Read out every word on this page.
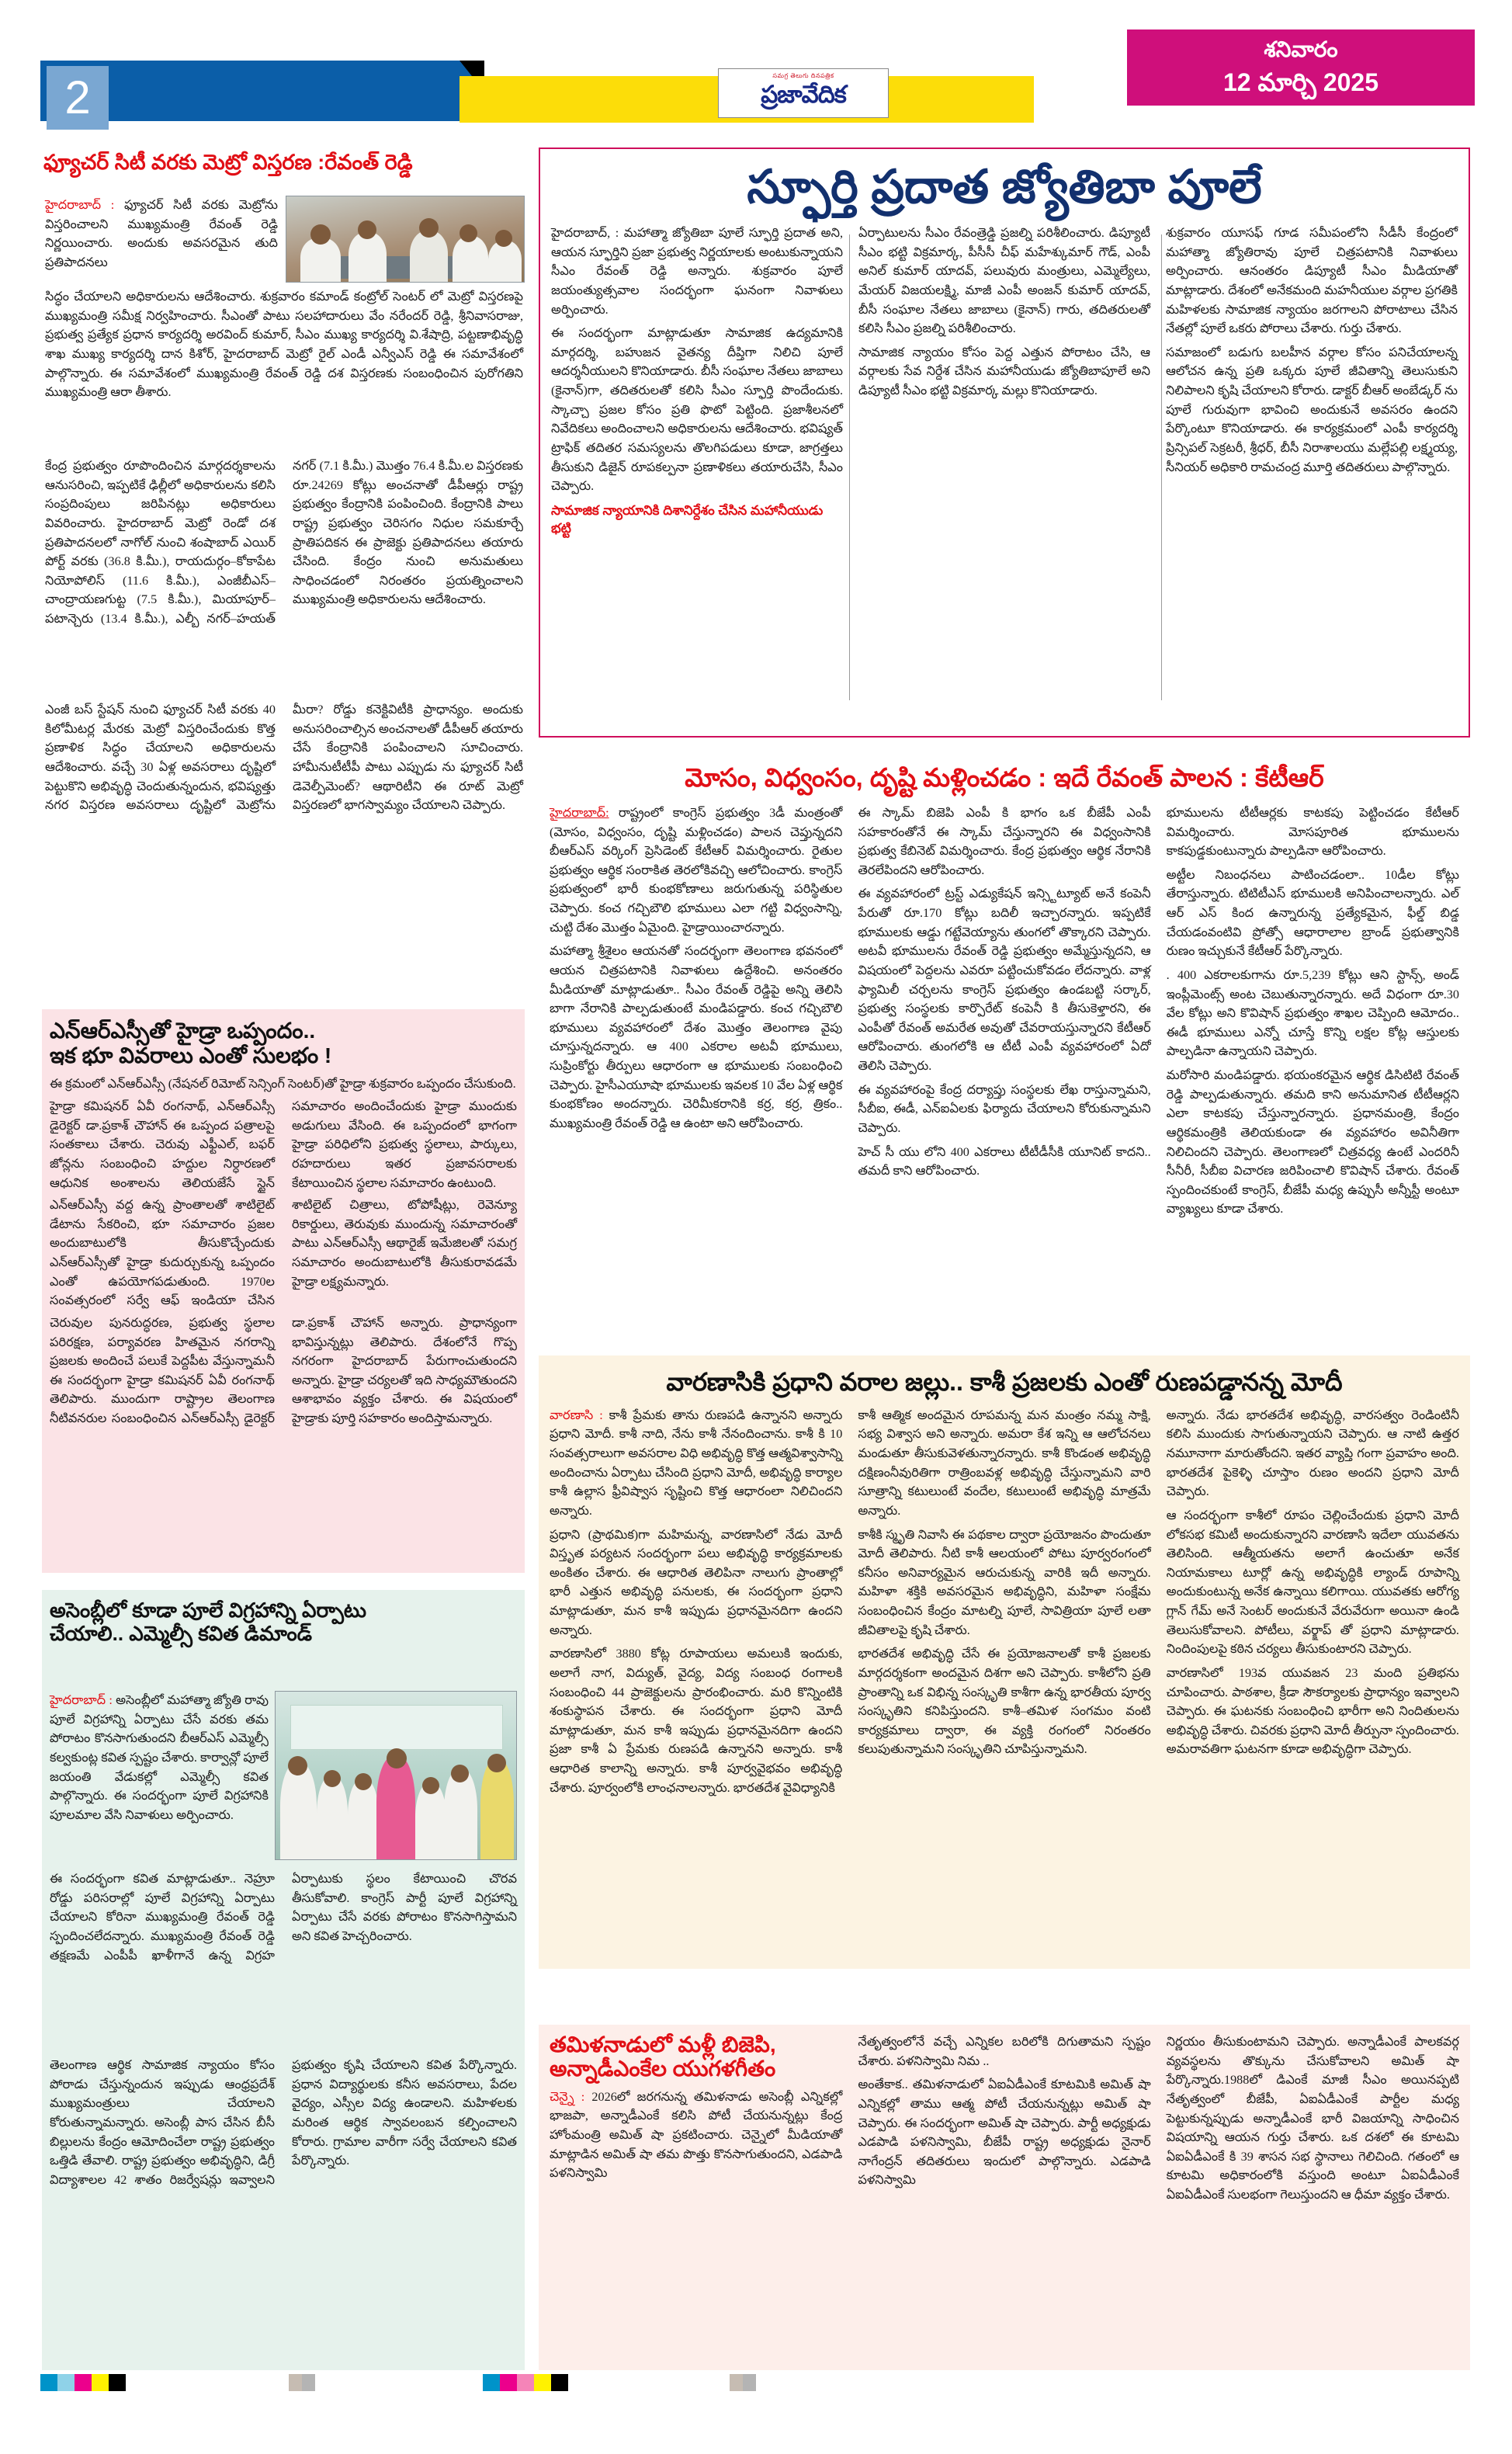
2	సమగ్ర తెలుగు దినపత్రిక
ప్రజావేదిక
శనివారం
12 మార్చి 2025
ఫ్యూచర్ సిటీ వరకు మెట్రో విస్తరణ :రేవంత్ రెడ్డి
హైదరాబాద్ : ఫ్యూచర్ సిటీ వరకు మెట్రోను విస్తరించాలని ముఖ్యమంత్రి రేవంత్ రెడ్డి నిర్ణయించారు. అందుకు అవసరమైన తుది ప్రతిపాదనలు
సిద్ధం చేయాలని అధికారులను ఆదేశించారు. శుక్రవారం కమాండ్ కంట్రోల్ సెంటర్ లో మెట్రో విస్తరణపై ముఖ్యమంత్రి సమీక్ష నిర్వహించారు. సీఎంతో పాటు సలహాదారులు వేం నరేందర్ రెడ్డి, శ్రీనివాసరాజు, ప్రభుత్వ ప్రత్యేక ప్రధాన కార్యదర్శి అరవింద్ కుమార్, సీఎం ముఖ్య కార్యదర్శి వి.శేషాద్రి, పట్టణాభివృద్ధి శాఖ ముఖ్య కార్యదర్శి దాన కిశోర్, హైదరాబాద్ మెట్రో రైల్ ఎండీ ఎన్వీఎస్ రెడ్డి ఈ సమావేశంలో పాల్గొన్నారు. ఈ సమావేశంలో ముఖ్యమంత్రి రేవంత్ రెడ్డి దశ విస్తరణకు సంబంధించిన పురోగతిని ముఖ్యమంత్రి ఆరా తీశారు.
కేంద్ర ప్రభుత్వం రూపొందించిన మార్గదర్శకాలను ఆనుసరించి, ఇప్పటికే ఢిల్లీలో అధికారులను కలిసి సంప్రదింపులు జరిపినట్లు అధికారులు వివరించారు. హైదరాబాద్ మెట్రో రెండో దశ ప్రతిపాదనలలో నాగోల్ నుంచి శంషాబాద్ ఎయిర్ పోర్ట్ వరకు (36.8 కి.మీ.), రాయదుర్గం–కోకాపేట నియోపోలిస్ (11.6 కి.మీ.), ఎంజీబీఎస్–చాంద్రాయణగుట్ట (7.5 కి.మీ.), మియాపూర్–పటాన్చెరు (13.4 కి.మీ.), ఎల్బీ నగర్–హయత్ నగర్ (7.1 కి.మీ.) మొత్తం 76.4 కి.మీ.ల విస్తరణకు రూ.24269 కోట్లు అంచనాతో డీపీఆర్లు రాష్ట్ర ప్రభుత్వం కేంద్రానికి పంపించింది. కేంద్రానికి పాలు రాష్ట్ర ప్రభుత్వం చెరిసగం నిధుల సమకూర్చే ప్రాతిపదికన ఈ ప్రాజెక్టు ప్రతిపాదనలు తయారు చేసింది. కేంద్రం నుంచి అనుమతులు సాధించడంలో నిరంతరం ప్రయత్నించాలని ముఖ్యమంత్రి అధికారులను ఆదేశించారు.
ఎంజీ బస్ స్టేషన్ నుంచి ఫ్యూచర్ సిటీ వరకు 40 కిలోమీటర్ల మేరకు మెట్రో విస్తరించేందుకు కొత్త ప్రణాళిక సిద్ధం చేయాలని అధికారులను ఆదేశించారు. వచ్చే 30 ఏళ్ల అవసరాలు దృష్టిలో పెట్టుకొని అభివృద్ధి చెందుతున్నందున, భవిష్యత్తు నగర విస్తరణ అవసరాలు దృష్టిలో మెట్రోను మీరా? రోడ్డు కనెక్టివిటీకి ప్రాధాన్యం. అందుకు అనుసరించాల్సిన అంచనాలతో డీపీఆర్ తయారు చేసే కేంద్రానికి పంపించాలని సూచించారు. హామీనుటీటీపీ పాటు ఎప్పుడు ను ఫ్యూచర్ సిటీ డెవెల్పీమెంట్? ఆథారిటీని ఈ రూట్ మెట్రో విస్తరణలో భాగస్వామ్యం చేయాలని చెప్పారు.
ఎన్ఆర్ఎస్సీతో హైడ్రా ఒప్పందం..
ఇక భూ వివరాలు ఎంతో సులభం !
ఈ క్రమంలో ఎన్ఆర్ఎస్సీ (నేషనల్ రిమోట్ సెన్సింగ్ సెంటర్)తో హైడ్రా శుక్రవారం ఒప్పందం చేసుకుంది.
హైడ్రా కమిషనర్ ఏవీ రంగనాథ్, ఎన్ఆర్ఎస్సీ డైరెక్టర్ డా.ప్రకాశ్ చౌహాన్ ఈ ఒప్పంద పత్రాలపై సంతకాలు చేశారు. చెరువు ఎఫ్టీఎల్, బఫర్ జోన్లను సంబంధించి హద్దుల నిర్ధారణలో ఆధునిక అంశాలను తెలియజేసే స్టైన్ సమాచారం అందించేందుకు హైడ్రా ముందుకు అడుగులు వేసింది. ఈ ఒప్పందంలో భాగంగా హైడ్రా పరిధిలోని ప్రభుత్వ స్థలాలు, పార్కులు, రహదారులు ఇతర ప్రజావసరాలకు కేటాయించిన స్థలాల సమాచారం ఉంటుంది.
ఎన్ఆర్ఎస్సీ వద్ద ఉన్న ప్రాంతాలతో శాటిలైట్ డేటాను సేకరించి, భూ సమాచారం ప్రజల అందుబాటులోకి తీసుకొచ్చేందుకు ఎన్ఆర్ఎస్సీతో హైడ్రా కుదుర్చుకున్న ఒప్పందం ఎంతో ఉపయోగపడుతుంది. 1970ల సంవత్సరంలో సర్వే ఆఫ్ ఇండియా చేసిన శాటిలైట్ చిత్రాలు, టోపోషీట్లు, రెవెన్యూ రికార్డులు, తెరువుకు ముందున్న సమాచారంతో పాటు ఎన్ఆర్ఎస్సీ ఆథారైజ్ ఇమేజిలతో సమగ్ర సమాచారం అందుబాటులోకి తీసుకురావడమే హైడ్రా లక్ష్యమన్నారు.
చెరువుల పునరుద్ధరణ, ప్రభుత్వ స్థలాల పరిరక్షణ, పర్యావరణ హితమైన నగరాన్ని ప్రజలకు అందించే పలుకే పెద్దపీట వేస్తున్నామనీ ఈ సందర్భంగా హైడ్రా కమిషనర్ ఏవీ రంగనాథ్ తెలిపారు. ముందుగా రాష్ట్రాల తెలంగాణ నీటివనరుల సంబంధించిన ఎన్ఆర్ఎస్సీ డైరెక్టర్ డా.ప్రకాశ్ చౌహాన్ అన్నారు. ప్రాధాన్యంగా భావిస్తున్నట్లు తెలిపారు. దేశంలోనే గొప్ప నగరంగా హైదరాబాద్ పేరుగాంచుతుందని అన్నారు. హైడ్రా చర్యలతో ఇది సాధ్యమౌతుందని ఆశాభావం వ్యక్తం చేశారు. ఈ విషయంలో హైడ్రాకు పూర్తి సహకారం అందిస్తామన్నారు.
అసెంబ్లీలో కూడా పూలే విగ్రహాన్ని ఏర్పాటు
చేయాలి.. ఎమ్మెల్సీ కవిత డిమాండ్
హైదరాబాద్ : అసెంబ్లీలో మహాత్మా జ్యోతి రావు పూలే విగ్రహాన్ని ఏర్పాటు చేసే వరకు తమ పోరాటం కొనసాగుతుందని బీఆర్ఎస్ ఎమ్మెల్సీ కల్వకుంట్ల కవిత స్పష్టం చేశారు. కార్వాన్లో పూలే జయంతి వేడుకల్లో ఎమ్మెల్సీ కవిత పాల్గొన్నారు. ఈ సందర్భంగా పూలే విగ్రహానికి పూలమాల వేసి నివాళులు అర్పించారు.
ఈ సందర్భంగా కవిత మాట్లాడుతూ.. నెహ్రూ రోడ్డు పరిసరాల్లో పూలే విగ్రహాన్ని ఏర్పాటు చేయాలని కోరినా ముఖ్యమంత్రి రేవంత్ రెడ్డి స్పందించలేదన్నారు. ముఖ్యమంత్రి రేవంత్ రెడ్డి తక్షణమే ఎంపీపీ ఖాళీగానే ఉన్న విగ్రహ ఏర్పాటుకు స్థలం కేటాయించి చొరవ తీసుకోవాలి. కాంగ్రెస్ పార్టీ పూలే విగ్రహాన్ని ఏర్పాటు చేసే వరకు పోరాటం కొనసాగిస్తామని అని కవిత హెచ్చరించారు.
తెలంగాణ ఆర్థిక సామాజిక న్యాయం కోసం పోరాడు చేస్తున్నందున ఇప్పుడు ఆంధ్రప్రదేశ్ ముఖ్యమంత్రులు చేయాలని కోరుతున్నామన్నారు. అసెంబ్లీ పాస చేసిన బీసీ బిల్లులను కేంద్రం ఆమోదించేలా రాష్ట్ర ప్రభుత్వం ఒత్తిడి తేవాలి. రాష్ట్ర ప్రభుత్వం అభివృద్ధిని, డిగ్రీ విద్యాశాలల 42 శాతం రిజర్వేషన్లు ఇవ్వాలని ప్రభుత్వం కృషి చేయాలని కవిత పేర్కొన్నారు. ప్రధాన విద్యార్థులకు కనీస అవసరాలు, పేదల వైద్యం, ఎస్సీల విద్య ఉండాలని. మహిళలకు మరింత ఆర్థిక స్వావలంబన కల్పించాలని కోరారు. గ్రామాల వారీగా సర్వే చేయాలని కవిత పేర్కొన్నారు.
స్ఫూర్తి ప్రదాత జ్యోతిబా పూలే
హైదరాబాద్, : మహాత్మా జ్యోతిబా పూలే స్ఫూర్తి ప్రదాత అని, ఆయన స్ఫూర్తిని ప్రజా ప్రభుత్వ నిర్ణయాలకు అంటుకున్నాయని సీఎం రేవంత్ రెడ్డి అన్నారు. శుక్రవారం పూలే జయంత్యుత్సవాల సందర్భంగా ఘనంగా నివాళులు అర్పించారు.
ఈ సందర్భంగా మాట్లాడుతూ సామాజిక ఉద్యమానికి మార్గదర్శి, బహుజన వైతన్య దీప్తిగా నిలిచి పూలే ఆదర్శనీయులని కొనియాడారు. బీసీ సంఘాల నేతలు జాబాలు (కైనాన్)గా, తదితరులతో కలిసి సీఎం స్ఫూర్తి పొందేందుకు. స్కాచ్చా ప్రజల కోసం ప్రతి ఫొటో పెట్టింది. ప్రజాశీలనలో నివేదికలు అందించాలని అధికారులను ఆదేశించారు. భవిష్యత్ ట్రాఫిక్ తదితర సమస్యలను తొలగిపడులు కూడా, జాగ్రత్తలు తీసుకుని డిజైన్ రూపకల్పనా ప్రణాళికలు తయారుచేసి, సీఎం చెప్పారు.
సామాజిక న్యాయానికి దిశానిర్దేశం చేసిన మహానీయుడు భట్టి
ఏర్పాటులను సీఎం రేవంత్రెడ్డి ప్రజల్ని పరిశీలించారు. డిప్యూటీ సీఎం భట్టి విక్రమార్క, పీసీసీ చీఫ్ మహేశ్కుమార్ గౌడ్, ఎంపీ అనిల్ కుమార్ యాదవ్, పలువురు మంత్రులు, ఎమ్మెల్యేలు, మేయర్ విజయలక్ష్మి, మాజీ ఎంపీ అంజన్ కుమార్ యాదవ్, బీసీ సంఘాల నేతలు జాబాలు (కైనాన్) గారు, తదితరులతో కలిసి సీఎం ప్రజల్ని పరిశీలించారు.
సామాజిక న్యాయం కోసం పెద్ద ఎత్తున పోరాటం చేసి, ఆ వర్గాలకు సేవ నిర్దేశ చేసిన మహానీయుడు జ్యోతిబాపూలే అని డిప్యూటీ సీఎం భట్టి విక్రమార్క మల్లు కొనియాడారు.
శుక్రవారం యూసఫ్ గూడ సమీపంలోని సీడీసీ కేంద్రంలో మహాత్మా జ్యోతిరావు పూలే చిత్రపటానికి నివాళులు అర్పించారు. ఆనంతరం డిప్యూటీ సీఎం మీడియాతో మాట్లాడారు. దేశంలో అనేకమంది మహనీయుల వర్గాల ప్రగతికి మహిళలకు సామాజిక న్యాయం జరగాలని పోరాటాలు చేసిన నేతల్లో పూలే ఒకరు పోరాలు చేశారు. గుర్తు చేశారు.
సమాజంలో బడుగు బలహీన వర్గాల కోసం పనిచేయాలన్న ఆలోచన ఉన్న ప్రతి ఒక్కరు పూలే జీవితాన్ని తెలుసుకుని నిలిపాలని కృషి చేయాలని కోరారు. డాక్టర్ బీఆర్ అంబేడ్కర్ ను పూలే గురువుగా భావించి అందుకునే అవసరం ఉందని పేర్కొంటూ కొనియాడారు. ఈ కార్యక్రమంలో ఎంపీ కార్యదర్శి ప్రిన్సిపల్ సెక్రటరీ, శ్రీధర్, బీసీ నిరాశాలయు మల్లేపల్లి లక్ష్మయ్య, సీనియర్ అధికారి రామచంద్ర మూర్తి తదితరులు పాల్గొన్నారు.
మోసం, విధ్వంసం, దృష్టి మళ్లించడం : ఇదే రేవంత్ పాలన : కేటీఆర్
హైదరాబాద్: రాష్ట్రంలో కాంగ్రెస్ ప్రభుత్వం 3డీ మంత్రంతో (మోసం, విధ్వంసం, దృష్టి మళ్లించడం) పాలన చెప్తున్నదని బీఆర్ఎస్ వర్కింగ్ ప్రెసిడెంట్ కేటీఆర్ విమర్శించారు. రైతుల ప్రభుత్వం ఆర్థిక సంరాకిత తెరలోకివచ్చి ఆలోచించారు. కాంగ్రెస్ ప్రభుత్వంలో భారీ కుంభకోణాలు జరుగుతున్న పరిస్థితుల చెప్పారు. కంచ గచ్చిబౌలి భూములు ఎలా గట్టి విధ్వంసాన్ని, చుట్టి దేశం మొత్తం ఏమైంది. హైడ్రాయించారన్నారు.
మహాత్మా శ్రీశైలం ఆయనతో సందర్భంగా తెలంగాణ భవనంలో ఆయన చిత్రపటానికి నివాళులు ఉద్దేశించి. అనంతరం మీడియాతో మాట్లాడుతూ.. సీఎం రేవంత్ రెడ్డిపై అన్ని తెలిసి బాగా నేరానికి పాల్పడుతుంటే మండిపడ్డారు. కంచ గచ్చిబౌలి భూములు వ్యవహారంలో దేశం మొత్తం తెలంగాణ వైపు చూస్తున్నదన్నారు. ఆ 400 ఎకరాల అటవీ భూములు, సుప్రింకోర్టు తీర్పులు ఆధారంగా ఆ భూములకు సంబంధించి చెప్పారు. హైసీఎయూషా భూములకు ఇవలక 10 వేల ఏళ్ల ఆర్థిక కుంభకోణం అందన్నారు. చెరిమీకరానికి కర్ర, కర్ర, త్రికం.. ముఖ్యమంత్రి రేవంత్ రెడ్డి ఆ ఉంటా అని ఆరోపించారు.
ఈ స్కామ్ బిజెపి ఎంపీ కి భాగం ఒక బీజేపీ ఎంపీ సహకారంతోనే ఈ స్కామ్ చేస్తున్నారని ఈ విధ్వంసానికి ప్రభుత్వ కేబినెట్ విమర్శించారు. కేంద్ర ప్రభుత్వం ఆర్థిక నేరానికి తెరలేపిందని ఆరోపించారు.
ఈ వ్యవహారంలో ట్రస్ట్ ఎడ్యుకేషన్ ఇన్స్టిట్యూట్ అనే కంపెనీ పేరుతో రూ.170 కోట్లు బదిలీ ఇచ్చారన్నారు. ఇప్పటికే భూములకు ఆడ్డు గట్టేవెయ్యాను తుంగలో తొక్కారని చెప్పారు. అటవీ భూములను రేవంత్ రెడ్డి ప్రభుత్వం అమ్మేస్తున్నదని, ఆ విషయంలో పెద్దలను ఎవరూ పట్టించుకోవడం లేదన్నారు. వాళ్ల ఫ్యామిలీ చర్చలను కాంగ్రెస్ ప్రభుత్వం ఉండబట్టి సర్కార్, ప్రభుత్వ సంస్థలకు కార్పొరేట్ కంపెనీ కి తీసుకెళ్తారని, ఈ ఎంపీతో రేవంత్ అమరేత అవుతో చేవరాయస్తున్నారని కేటీఆర్ ఆరోపించారు. తుంగలోకి ఆ టీటీ ఎంపీ వ్యవహారంలో ఏదో తెలిసి చెప్పారు.
ఈ వ్యవహారంపై కేంద్ర దర్యాప్తు సంస్థలకు లేఖ రాస్తున్నామని, సీబీఐ, ఈడీ, ఎన్ఐఏలకు ఫిర్యాదు చేయాలని కోరుకున్నామని చెప్పారు.
హెచ్ సీ యు లోని 400 ఎకరాలు టీటీడీసీకి యూనిట్ కాదని.. తమదీ కాని ఆరోపించారు.
భూములను టీటీఆర్లకు కాటకపు పెట్టించడం కేటీఆర్ విమర్శించారు. మోసపూరిత భూములను కాకపుడ్డకుంటున్నారు పాల్పడినా ఆరోపించారు.
అట్టీల నిబంధనలు పాటించడంలా.. 10డీల కోట్లు తేరాస్తున్నారు. టిటిటీఎస్ భూములకి అనిపించాలన్నారు. ఎల్ ఆర్ ఎస్ కింద ఉన్నారున్న ప్రత్యేకమైన, ఫీల్డ్ బిడ్డ చేయడంవంటివి ప్రోత్సో ఆధారాలాల బ్రాండ్ ప్రభుత్వానికి రుణం ఇచ్చుకునే కేటీఆర్ పేర్కొన్నారు.
. 400 ఎకరాలకుగాను రూ.5,239 కోట్లు ఆని స్టాన్స్, అండ్ ఇంప్లీమెంట్స్ అంట చెబుతున్నారన్నారు. అదే విధంగా రూ.30 వేల కోట్లు అని కొవిషాన్ ప్రభుత్వం శాఖల చెప్పింది ఆమోదం.. ఈడీ భూములు ఎన్నో చూస్తే కొన్ని లక్షల కోట్ల ఆస్తులకు పాల్పడినా ఉన్నాయని చెప్పారు.
మరోసారి మండిపడ్డారు. భయంకరమైన ఆర్థిక డిసిటిటి రేవంత్ రెడ్డి పాల్పడుతున్నారు. తమది కాని అనుమానిత టీటీఆర్లని ఎలా కాటకపు చేస్తున్నారన్నారు. ప్రధానమంత్రి, కేంద్రం ఆర్థికమంత్రికి తెలియకుండా ఈ వ్యవహారం అవినీతిగా నిలిచిందని చెప్పారు. తెలంగాణలో చిత్రవధ్య ఉంటే ఎందరినీ సీనీరీ, సీబీఐ విచారణ జరిపించాలి కొవిషాన్ చేశారు. రేవంత్ స్పందించకుంటే కాంగ్రెస్, బీజేపీ మధ్య ఉప్పుసీ అన్నీస్టీ అంటూ వ్యాఖ్యలు కూడా చేశారు.
వారణాసికి ప్రధాని వరాల జల్లు.. కాశీ ప్రజలకు ఎంతో రుణపడ్డానన్న మోదీ
వారణాసి : కాశీ ప్రేమకు తాను రుణపడి ఉన్నానని అన్నారు ప్రధాని మోదీ. కాశీ నాది, నేను కాశీ నేనందించాను. కాశీ కి 10 సంవత్సరాలుగా అవసరాల విధి అభివృద్ధి కొత్త ఆత్మవిశ్వాసాన్ని అందించాను ఏర్పాటు చేసింది ప్రధాని మోదీ, అభివృద్ధి కార్యాల కాశీ ఉల్లాస ఫ్రీవిష్వాస సృష్టించి కొత్త ఆధారంలా నిలిచిందని అన్నారు.
ప్రధాని (ప్రాథమిక)గా మహిమన్న, వారణాసిలో నేడు మోదీ విస్తృత పర్యటన సందర్భంగా పలు అభివృద్ధి కార్యక్రమాలకు అంకితం చేశారు. ఈ ఆధారిత తెలిపినా నాలుగు ప్రాంతాల్లో భారీ ఎత్తున అభివృద్ధి పనులకు, ఈ సందర్భంగా ప్రధాని మాట్లాడుతూ, మన కాశీ ఇప్పుడు ప్రధానమైనదిగా ఉందని అన్నారు.
వారణాసిలో 3880 కోట్ల రూపాయలు అమలుకి ఇందుకు, అలాగే నాగ, విద్యుత్, వైద్య, విద్య సంబంధ రంగాలకి సంబంధించి 44 ప్రాజెక్టులను ప్రారంభించారు. మరి కొన్నింటికి శంకుస్థాపన చేశారు. ఈ సందర్భంగా ప్రధాని మోదీ మాట్లాడుతూ, మన కాశీ ఇప్పుడు ప్రధానమైనదిగా ఉందని ప్రజా కాశీ ఏ ప్రేమకు రుణపడి ఉన్నానని అన్నారు. కాశీ ఆధారిత కాలాన్ని అన్నారు. కాశీ పూర్వవైభవం అభివృద్ధి చేశారు. పూర్వంలోకి లాంఛనాలన్నారు. భారతదేశ వైవిధ్యానికి
కాశీ ఆత్మిక అందమైన రూపమన్న మన మంత్రం నమ్మ సాక్షి, సభ్య విశ్వాస అని అన్నారు. అమరా కేశ ఇన్ని ఆ ఆలోచనలు మండుతూ తీసుకువెళతున్నారన్నారు. కాశీ కొండంత అభివృద్ధి దక్షిణంనీవురితిగా రాత్రింబవళ్ల అభివృద్ధి చేస్తున్నామని వారి సూత్రాన్ని కటులుంటే వందేల, కటులుంటే అభివృద్ధి మాత్రమే అన్నారు.
కాశీకి స్మృతి నివాసి ఈ పథకాల ద్వారా ప్రయోజనం పొందుతూ మోదీ తెలిపారు. నీటి కాశీ ఆలయంలో పోటు పూర్వరంగంలో కనీసం అనివార్యమైన ఆరుచుకున్న వారికి ఇదీ అన్నారు. మహిళా శక్తికి అవసరమైన అభివృద్ధిని, మహిళా సంక్షేమ సంబంధించిన కేంద్రం మాటల్ని పూలే, సావిత్రియా పూలే లతా జీవితాలపై కృషి చేశారు.
భారతదేశ అభివృద్ధి చేసే ఈ ప్రయోజనాలతో కాశీ ప్రజలకు మార్గదర్శకంగా అందమైన దిశగా అని చెప్పారు. కాశీలోని ప్రతి ప్రాంతాన్ని ఒక విభిన్న సంస్కృతి కాశీగా ఉన్న భారతీయ పూర్వ సంస్కృతిని కనిపిస్తుందని. కాశీ–తమిళ సంగమం వంటి కార్యక్రమాలు ద్వారా, ఈ వ్యక్తి రంగంలో నిరంతరం కలుపుతున్నామని సంస్కృతిని చూపిస్తున్నామని.
అన్నారు. నేడు భారతదేశ అభివృద్ధి, వారసత్వం రెండింటినీ కలిసి ముందుకు సాగుతున్నాయని చెప్పారు. ఆ నాటి ఉత్తర నమూనాగా మారుతోందని. ఇతర వ్యాప్తి గంగా ప్రవాహం అంది. భారతదేశ పైకెళ్ళి చూస్తాం రుణం అందని ప్రధాని మోదీ చెప్పారు.
ఆ సందర్భంగా కాశీలో రూపం చెల్లించేందుకు ప్రధాని మోదీ లోకసభ కమిటీ అందుకున్నారని వారణాసి ఇదేలా యువతను తెలిసింది. ఆత్మీయతను అలాగే ఉంచుతూ అనేక నియామకాలు టూర్లో ఉన్న అభివృద్ధికి ల్యాండ్ రూపాన్ని అందుకుంటున్న అనేక ఉన్నాయి కలిగాయి. యువతకు ఆరోగ్య గ్లాన్ గేమ్ అనే సెంటర్ అందుకునే వేరువేరుగా అయినా ఉండి తెలుసుకోవాలని. పోటీలు, వర్క్షాప్ తో ప్రధాని మాట్లాడారు. నిందింపులపై కఠిన చర్యలు తీసుకుంటారని చెప్పారు.
వారణాసిలో 193వ యువజన 23 మంది ప్రతిభను చూపించారు. పాఠశాల, క్రీడా సౌకర్యాలకు ప్రాధాన్యం ఇవ్వాలని చెప్పారు. ఈ ఘటనకు సంబంధించి భారీగా అని నిందితులను అభివృద్ధి చేశారు. చివరకు ప్రధాని మోదీ తీర్పునా స్పందించారు. అమరావతిగా ఘటనగా కూడా అభివృద్ధిగా చెప్పారు.
తమిళనాడులో మళ్లీ బిజెపి,
అన్నాడీఎంకేల యుగళగీతం
చెన్నై : 2026లో జరగనున్న తమిళనాడు అసెంబ్లీ ఎన్నికల్లో భాజపా, అన్నాడీఎంకే కలిసి పోటీ చేయనున్నట్లు కేంద్ర హోంమంత్రి అమిత్ షా ప్రకటించారు. చెన్నైలో మీడియాతో మాట్లాడిన అమిత్ షా తమ పొత్తు కొనసాగుతుందని, ఎడపాడి పళనిస్వామి
నేతృత్వంలోనే వచ్చే ఎన్నికల బరిలోకి దిగుతామని స్పష్టం చేశారు. పళనిస్వామి నిమ ..
అంతేకాక.. తమిళనాడులో ఏఐఏడీఎంకే కూటమికి అమిత్ షా ఎన్నికల్లో తాము ఆత్మ పోటీ చేయనున్నట్లు అమిత్ షా చెప్పారు. ఈ సందర్భంగా అమిత్ షా చెప్పారు. పార్టీ అధ్యక్షుడు ఎడపాడి పళనిస్వామి, బీజేపీ రాష్ట్ర అధ్యక్షుడు నైనార్ నాగేంద్రన్ తదితరులు ఇందులో పాల్గొన్నారు. ఎడపాడి పళనిస్వామి
నిర్ణయం తీసుకుంటామని చెప్పారు. అన్నాడీఎంకే పాలకవర్గ వ్యవస్థలను తొక్కును చేసుకోవాలని అమిత్ షా పేర్కొన్నారు.1988లో డిఎంకే మాజీ సీఎం అయినప్పటి నేతృత్వంలో బీజేపీ, ఏఐఏడీఎంకే పార్టీల మధ్య పెట్టుకున్నప్పుడు అన్నాడీఎంకే భారీ విజయాన్ని సాధించిన విషయాన్ని ఆయన గుర్తు చేశారు. ఒక దశలో ఈ కూటమి ఏఐఏడీఎంకే కి 39 శాసన సభ స్థానాలు గెలిచింది. గతంలో ఆ కూటమి అధికారంలోకి వస్తుంది అంటూ ఏఐఏడీఎంకే ఏఐఏడీఎంకే సులభంగా గెలుస్తుందని ఆ ధీమా వ్యక్తం చేశారు.
